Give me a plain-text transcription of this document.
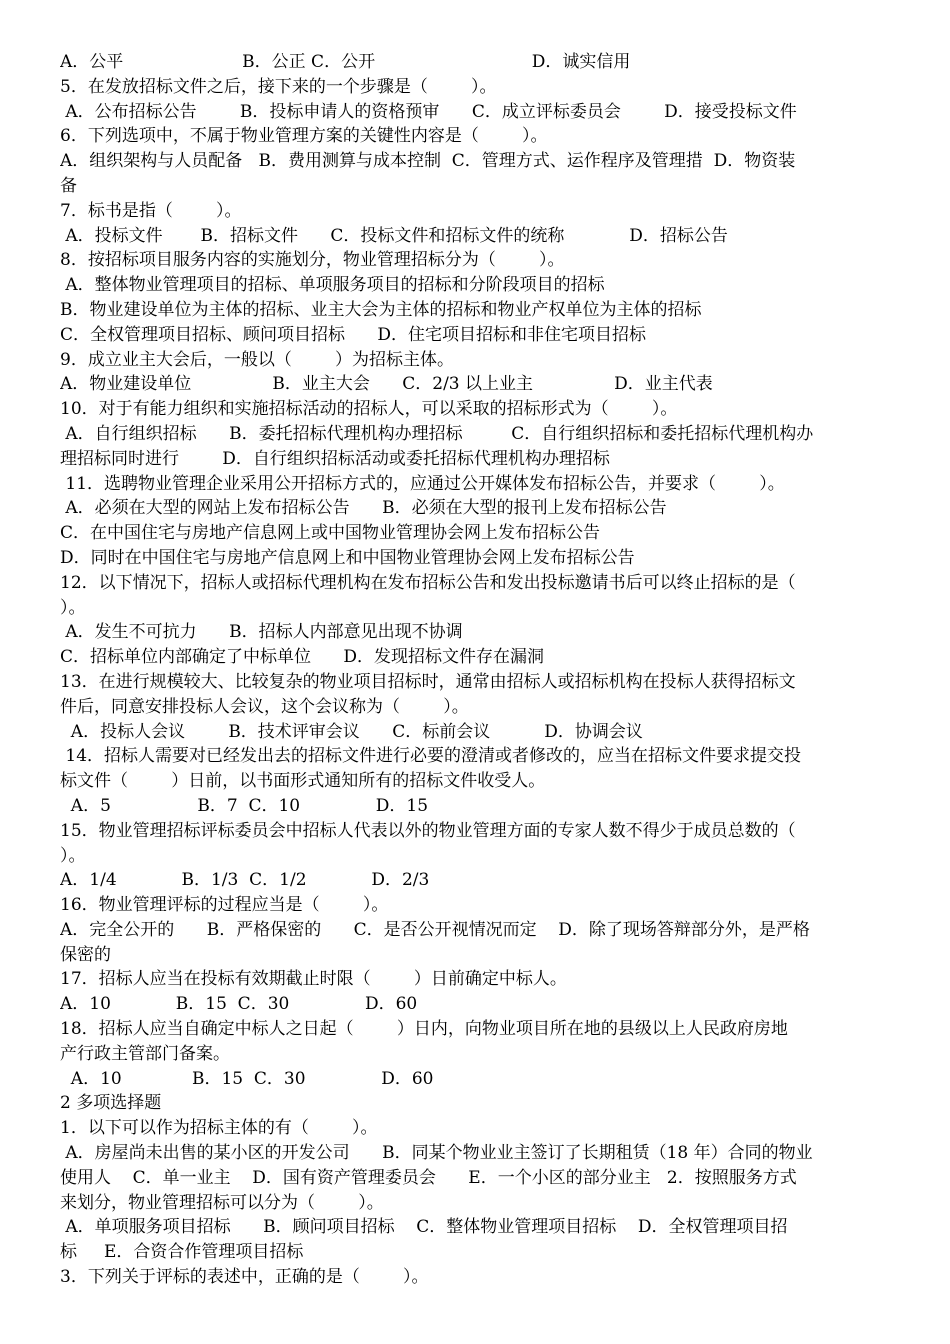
A．公平                      B．公正 C．公开                             D．诚实信用
5．在发放招标文件之后，接下来的一个步骤是（        ）。
A．公布招标公告        B．投标申请人的资格预审      C．成立评标委员会        D．接受投标文件
6．下列选项中，不属于物业管理方案的关键性内容是（        ）。
A．组织架构与人员配备   B．费用测算与成本控制  C．管理方式、运作程序及管理措  D．物资装
备
7．标书是指（        ）。
A．投标文件       B．招标文件      C．投标文件和招标文件的统称            D．招标公告
8．按招标项目服务内容的实施划分，物业管理招标分为（        ）。
A．整体物业管理项目的招标、单项服务项目的招标和分阶段项目的招标
B．物业建设单位为主体的招标、业主大会为主体的招标和物业产权单位为主体的招标
C．全权管理项目招标、顾问项目招标      D．住宅项目招标和非住宅项目招标
9．成立业主大会后，一般以（        ）为招标主体。
A．物业建设单位               B．业主大会      C．2/3 以上业主               D．业主代表
10．对于有能力组织和实施招标活动的招标人，可以采取的招标形式为（        ）。
A．自行组织招标      B．委托招标代理机构办理招标         C．自行组织招标和委托招标代理机构办
理招标同时进行        D．自行组织招标活动或委托招标代理机构办理招标
11．选聘物业管理企业采用公开招标方式的，应通过公开媒体发布招标公告，并要求（        ）。
A．必须在大型的网站上发布招标公告      B．必须在大型的报刊上发布招标公告
C．在中国住宅与房地产信息网上或中国物业管理协会网上发布招标公告
D．同时在中国住宅与房地产信息网上和中国物业管理协会网上发布招标公告
12．以下情况下，招标人或招标代理机构在发布招标公告和发出投标邀请书后可以终止招标的是（
）。
A．发生不可抗力      B．招标人内部意见出现不协调
C．招标单位内部确定了中标单位      D．发现招标文件存在漏洞
13．在进行规模较大、比较复杂的物业项目招标时，通常由招标人或招标机构在投标人获得招标文
件后，同意安排投标人会议，这个会议称为（        ）。
A．投标人会议        B．技术评审会议      C．标前会议          D．协调会议
14．招标人需要对已经发出去的招标文件进行必要的澄清或者修改的，应当在招标文件要求提交投
标文件（        ）日前，以书面形式通知所有的招标文件收受人。
A．5                B．7  C．10              D．15
15．物业管理招标评标委员会中招标人代表以外的物业管理方面的专家人数不得少于成员总数的（
）。
A．1/4            B．1/3  C．1/2            D．2/3
16．物业管理评标的过程应当是（        ）。
A．完全公开的      B．严格保密的      C．是否公开视情况而定    D．除了现场答辩部分外，是严格
保密的
17．招标人应当在投标有效期截止时限（        ）日前确定中标人。
A．10            B．15  C．30              D．60
18．招标人应当自确定中标人之日起（        ）日内，向物业项目所在地的县级以上人民政府房地
产行政主管部门备案。
A．10             B．15  C．30              D．60
2 多项选择题
1．以下可以作为招标主体的有（        ）。
A．房屋尚未出售的某小区的开发公司      B．同某个物业业主签订了长期租赁（18 年）合同的物业
使用人    C．单一业主    D．国有资产管理委员会      E．一个小区的部分业主   2．按照服务方式
来划分，物业管理招标可以分为（        ）。
A．单项服务项目招标      B．顾问项目招标    C．整体物业管理项目招标    D．全权管理项目招
标     E．合资合作管理项目招标
3．下列关于评标的表述中，正确的是（        ）。
